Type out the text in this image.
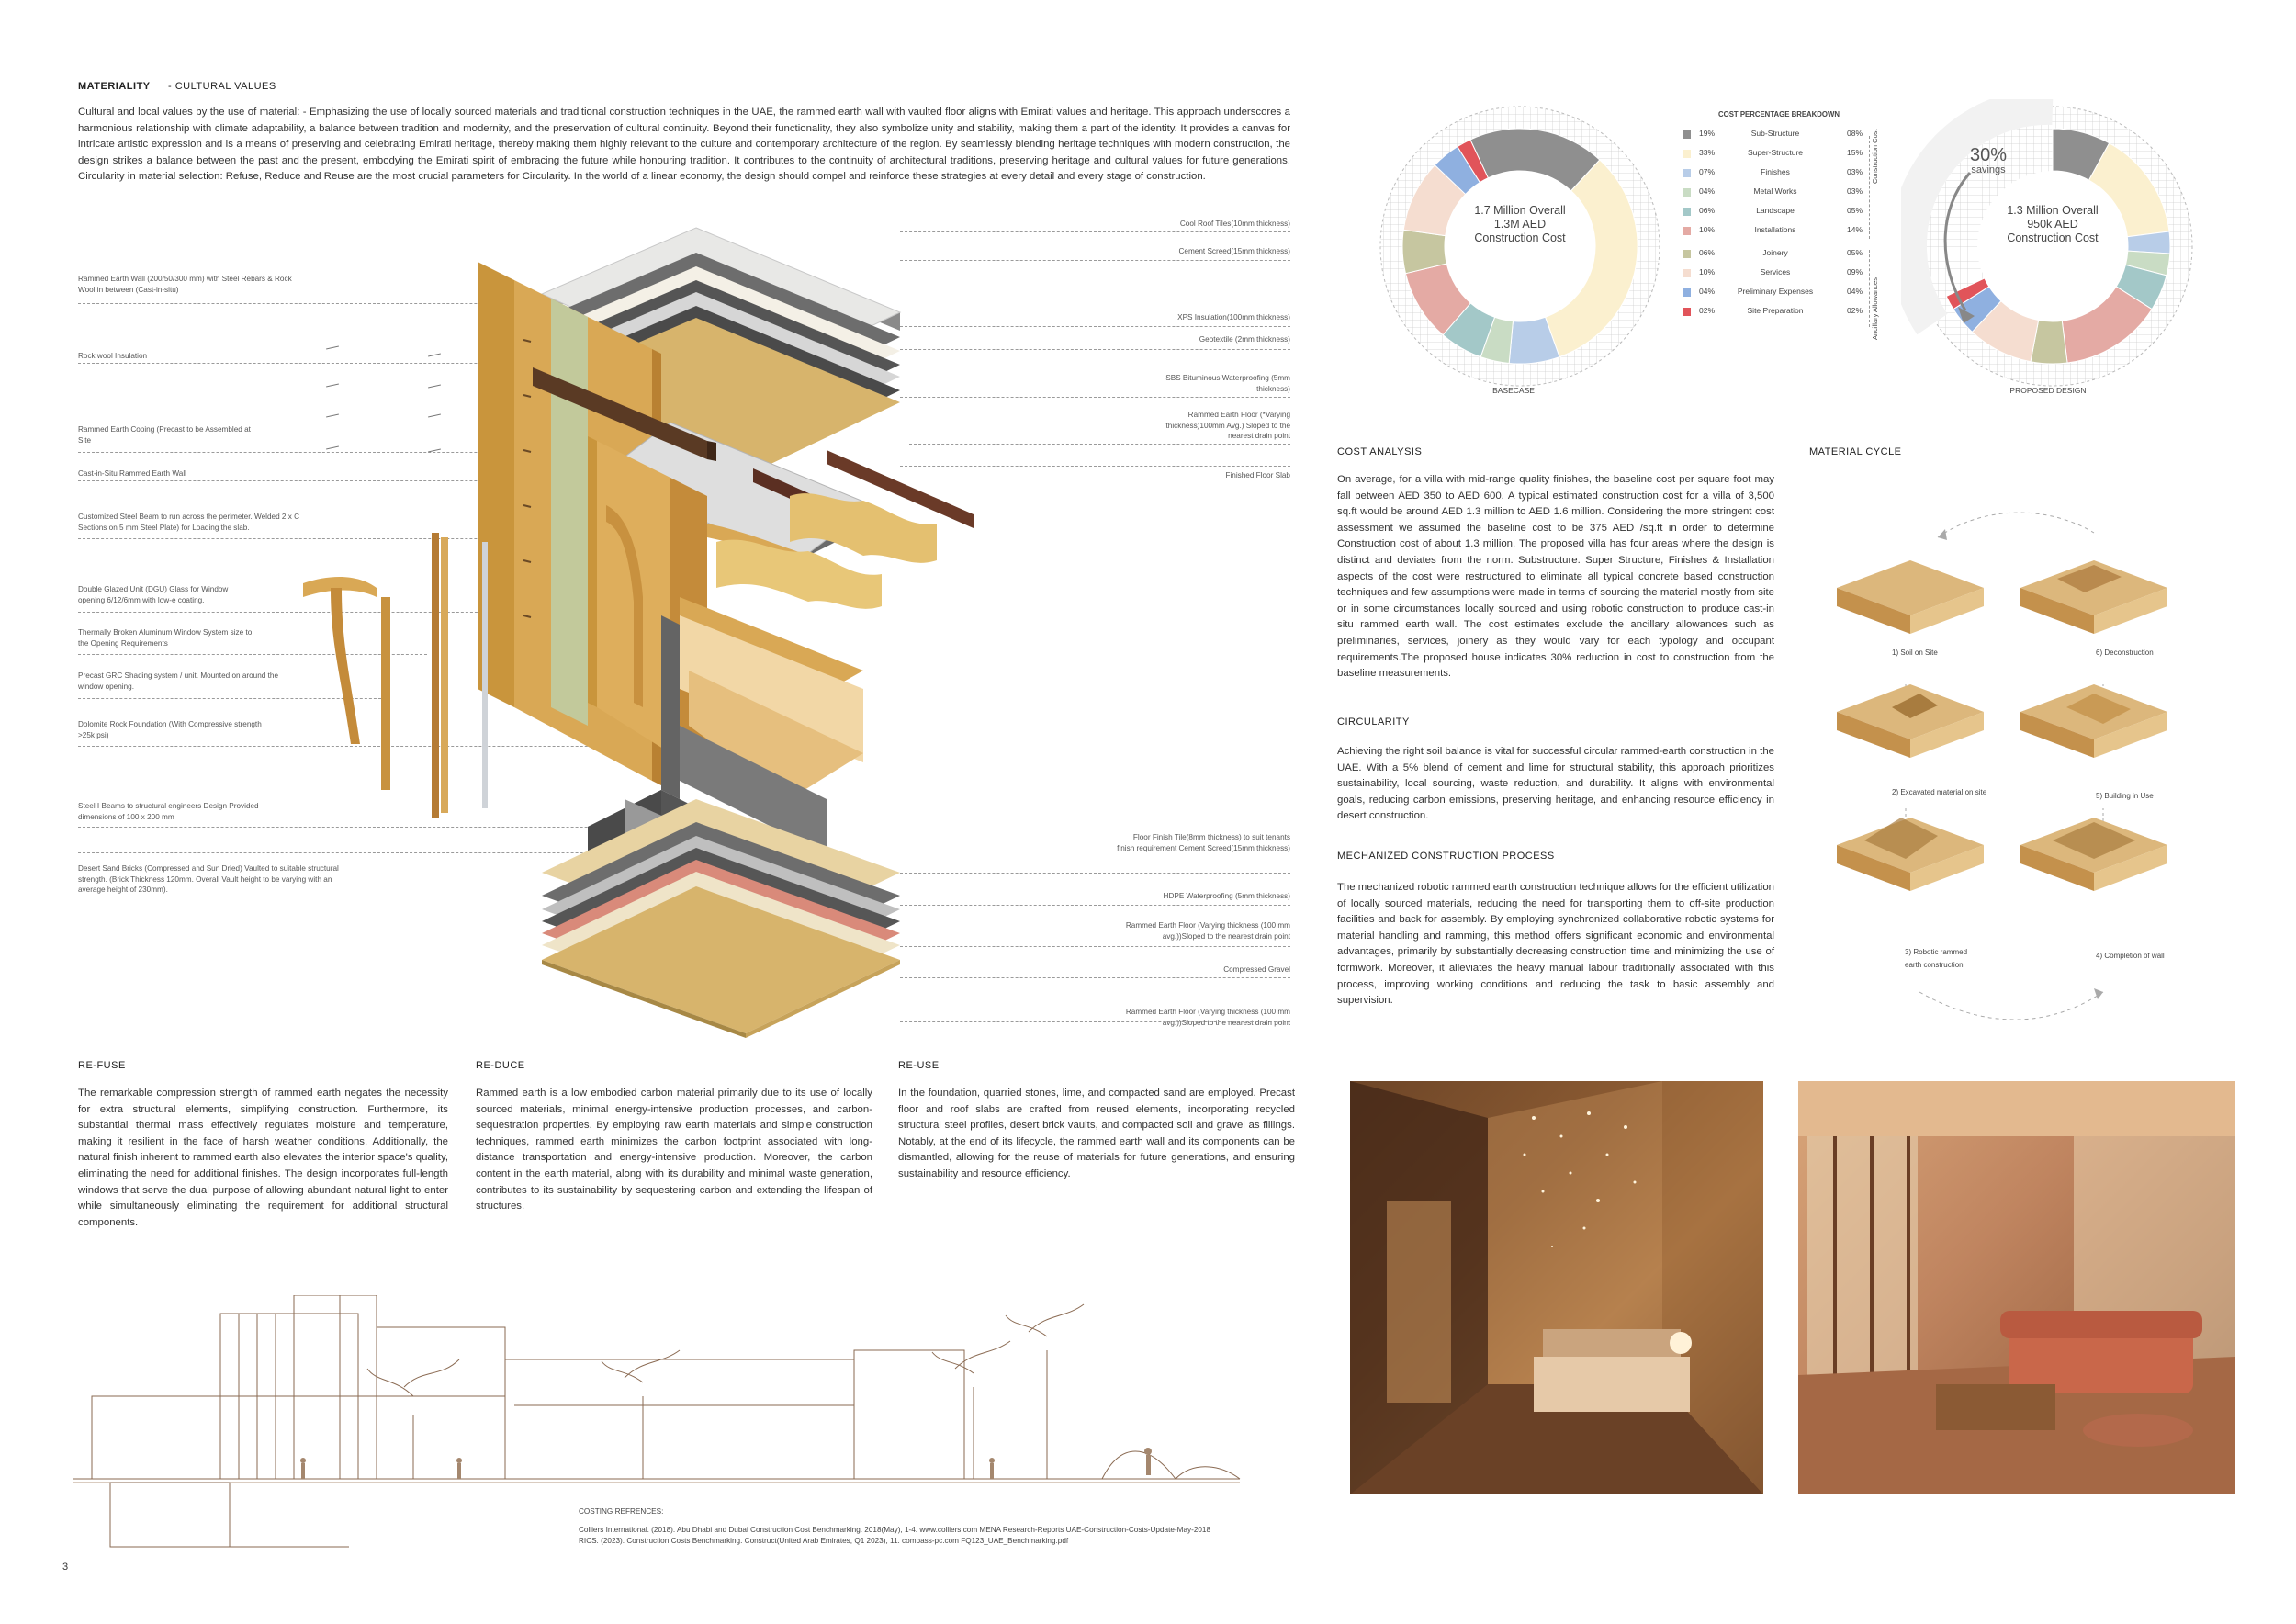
MATERIALITY - CULTURAL VALUES
Cultural and local values by the use of material: - Emphasizing the use of locally sourced materials and traditional construction techniques in the UAE, the rammed earth wall with vaulted floor aligns with Emirati values and heritage. This approach underscores a harmonious relationship with climate adaptability, a balance between tradition and modernity, and the preservation of cultural continuity. Beyond their functionality, they also symbolize unity and stability, making them a part of the identity. It provides a canvas for intricate artistic expression and is a means of preserving and celebrating Emirati heritage, thereby making them highly relevant to the culture and contemporary architecture of the region. By seamlessly blending heritage techniques with modern construction, the design strikes a balance between the past and the present, embodying the Emirati spirit of embracing the future while honouring tradition. It contributes to the continuity of architectural traditions, preserving heritage and cultural values for future generations. Circularity in material selection: Refuse, Reduce and Reuse are the most crucial parameters for Circularity. In the world of a linear economy, the design should compel and reinforce these strategies at every detail and every stage of construction.
Rammed Earth Wall (200/50/300 mm) with Steel Rebars & Rock Wool in between (Cast-in-situ)
Rock wool Insulation
Rammed Earth Coping (Precast to be Assembled at Site
Cast-in-Situ Rammed Earth Wall
Customized Steel Beam to run across the perimeter. Welded 2 x C Sections on 5 mm Steel Plate) for Loading the slab.
Double Glazed Unit (DGU) Glass for Window opening 6/12/6mm with low-e coating.
Thermally Broken Aluminum Window System size to the Opening Requirements
Precast GRC Shading system / unit. Mounted on around the window opening.
Dolomite Rock Foundation (With Compressive strength >25k psi)
Steel I Beams to structural engineers Design Provided dimensions of 100 x 200 mm
Desert Sand Bricks (Compressed and Sun Dried) Vaulted to suitable structural strength. (Brick Thickness 120mm. Overall Vault height to be varying with an average height of 230mm).
Cool Roof Tiles(10mm thickness)
Cement Screed(15mm thickness)
XPS Insulation(100mm thickness)
Geotextile (2mm thickness)
SBS Bituminous Waterproofing (5mm thickness)
Rammed Earth Floor (*Varying thickness)100mm Avg.) Sloped to the nearest drain point
Finished Floor Slab
Floor Finish Tile(8mm thickness) to suit tenants finish requirement Cement Screed(15mm thickness)
HDPE Waterproofing (5mm thickness)
Rammed Earth Floor (Varying thickness (100 mm avg.))Sloped to the nearest drain point
Compressed Gravel
Rammed Earth Floor (Varying thickness (100 mm avg.))Sloped to the nearest drain point
1.7 Million Overall
1.3M AED
Construction Cost
BASECASE
COST PERCENTAGE BREAKDOWN
19%	Sub-Structure	08%
33%	Super-Structure	15%
07%	Finishes	03%
04%	Metal Works	03%
06%	Landscape	05%
10%	Installations	14%
06%	Joinery	05%
10%	Services	09%
04%	Preliminary Expenses	04%
02%	Site Preparation	02%
Construction Cost
Ancillary Allowances
30%
savings
1.3 Million Overall
950k AED
Construction Cost
PROPOSED DESIGN
COST ANALYSIS
On average, for a villa with mid-range quality finishes, the baseline cost per square foot may fall between AED 350 to AED 600. A typical estimated construction cost for a villa of 3,500 sq.ft would be around AED 1.3 million to AED 1.6 million. Considering the more stringent cost assessment we assumed the baseline cost to be 375 AED /sq.ft in order to determine Construction cost of about 1.3 million. The proposed villa has four areas where the design is distinct and deviates from the norm. Substructure. Super Structure, Finishes & Installation aspects of the cost were restructured to eliminate all typical concrete based construction techniques and few assumptions were made in terms of sourcing the material mostly from site or in some circumstances locally sourced and using robotic construction to produce cast-in situ rammed earth wall. The cost estimates exclude the ancillary allowances such as preliminaries, services, joinery as they would vary for each typology and occupant requirements.The proposed house indicates 30% reduction in cost to construction from the baseline measurements.
CIRCULARITY
Achieving the right soil balance is vital for successful circular rammed-earth construction in the UAE. With a 5% blend of cement and lime for structural stability, this approach prioritizes sustainability, local sourcing, waste reduction, and durability. It aligns with environmental goals, reducing carbon emissions, preserving heritage, and enhancing resource efficiency in desert construction.
MECHANIZED CONSTRUCTION PROCESS
The mechanized robotic rammed earth construction technique allows for the efficient utilization of locally sourced materials, reducing the need for transporting them to off-site production facilities and back for assembly. By employing synchronized collaborative robotic systems for material handling and ramming, this method offers significant economic and environmental advantages, primarily by substantially decreasing construction time and minimizing the use of formwork. Moreover, it alleviates the heavy manual labour traditionally associated with this process, improving working conditions and reducing the task to basic assembly and supervision.
MATERIAL CYCLE
1) Soil on Site	6) Deconstruction
2) Excavated material on site	5) Building in Use
3) Robotic rammed earth construction
4) Completion of wall
RE-FUSE
The remarkable compression strength of rammed earth negates the necessity for extra structural elements, simplifying construction. Furthermore, its substantial thermal mass effectively regulates moisture and temperature, making it resilient in the face of harsh weather conditions. Additionally, the natural finish inherent to rammed earth also elevates the interior space's quality, eliminating the need for additional finishes. The design incorporates full-length windows that serve the dual purpose of allowing abundant natural light to enter while simultaneously eliminating the requirement for additional structural components.
RE-DUCE
Rammed earth is a low embodied carbon material primarily due to its use of locally sourced materials, minimal energy-intensive production processes, and carbon-sequestration properties. By employing raw earth materials and simple construction techniques, rammed earth minimizes the carbon footprint associated with long-distance transportation and energy-intensive production. Moreover, the carbon content in the earth material, along with its durability and minimal waste generation, contributes to its sustainability by sequestering carbon and extending the lifespan of structures.
RE-USE
In the foundation, quarried stones, lime, and compacted sand are employed. Precast floor and roof slabs are crafted from reused elements, incorporating recycled structural steel profiles, desert brick vaults, and compacted soil and gravel as fillings. Notably, at the end of its lifecycle, the rammed earth wall and its components can be dismantled, allowing for the reuse of materials for future generations, and ensuring sustainability and resource efficiency.
COSTING REFRENCES:
Colliers International. (2018). Abu Dhabi and Dubai Construction Cost Benchmarking. 2018(May), 1-4. www.colliers.com MENA Research-Reports UAE-Construction-Costs-Update-May-2018
RICS. (2023). Construction Costs Benchmarking. Construct(United Arab Emirates, Q1 2023), 11. compass-pc.com FQ123_UAE_Benchmarking.pdf
3
